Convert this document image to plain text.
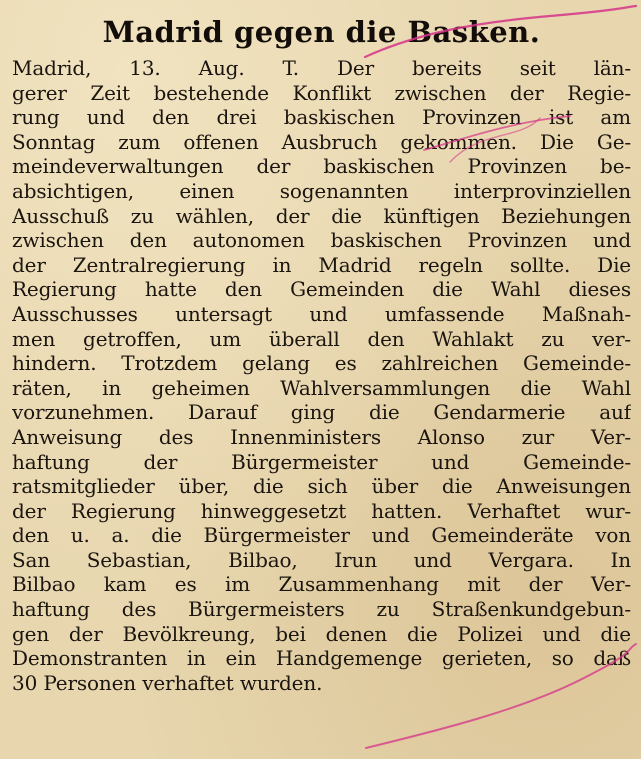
Madrid gegen die Basken.
Madrid, 13. Aug. T. Der bereits seit län-
gerer Zeit bestehende Konflikt zwischen der Regie-
rung und den drei baskischen Provinzen ist am
Sonntag zum offenen Ausbruch gekommen. Die Ge-
meindeverwaltungen der baskischen Provinzen be-
absichtigen, einen sogenannten interprovinziellen
Ausschuß zu wählen, der die künftigen Beziehungen
zwischen den autonomen baskischen Provinzen und
der Zentralregierung in Madrid regeln sollte. Die
Regierung hatte den Gemeinden die Wahl dieses
Ausschusses untersagt und umfassende Maßnah-
men getroffen, um überall den Wahlakt zu ver-
hindern. Trotzdem gelang es zahlreichen Gemeinde-
räten, in geheimen Wahlversammlungen die Wahl
vorzunehmen. Darauf ging die Gendarmerie auf
Anweisung des Innenministers Alonso zur Ver-
haftung der Bürgermeister und Gemeinde-
ratsmitglieder über, die sich über die Anweisungen
der Regierung hinweggesetzt hatten. Verhaftet wur-
den u. a. die Bürgermeister und Gemeinderäte von
San Sebastian, Bilbao, Irun und Vergara. In
Bilbao kam es im Zusammenhang mit der Ver-
haftung des Bürgermeisters zu Straßenkundgebun-
gen der Bevölkreung, bei denen die Polizei und die
Demonstranten in ein Handgemenge gerieten, so daß
30 Personen verhaftet wurden.
